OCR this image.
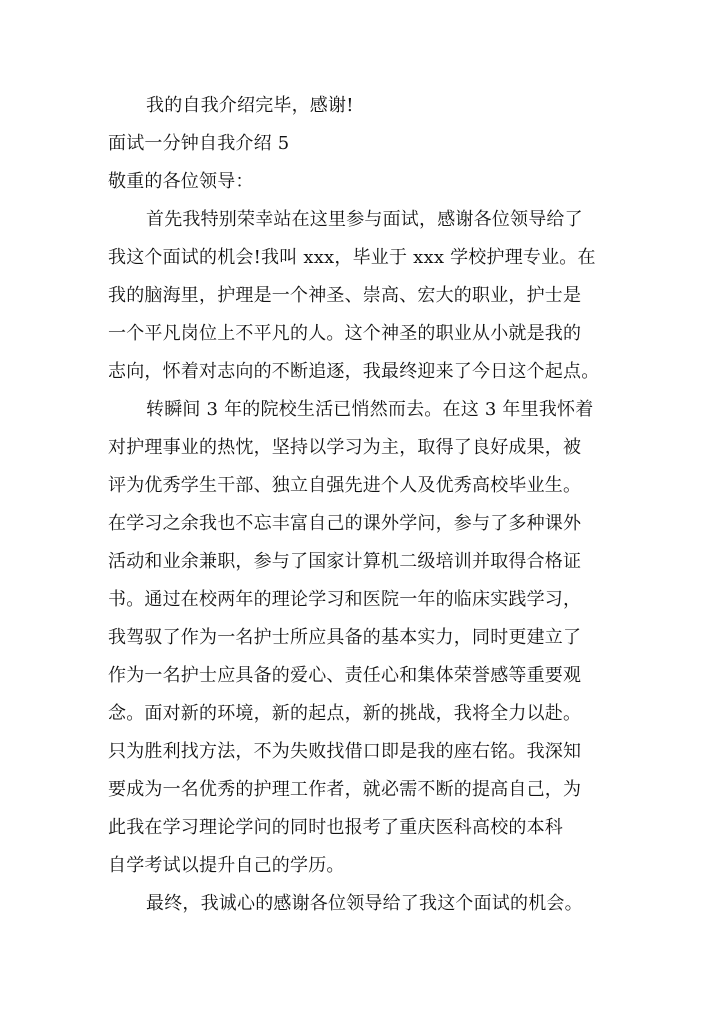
我的自我介绍完毕，感谢!
面试一分钟自我介绍 5
敬重的各位领导：
首先我特别荣幸站在这里参与面试，感谢各位领导给了
我这个面试的机会!我叫 xxx，毕业于 xxx 学校护理专业。在
我的脑海里，护理是一个神圣、崇高、宏大的职业，护士是
一个平凡岗位上不平凡的人。这个神圣的职业从小就是我的
志向，怀着对志向的不断追逐，我最终迎来了今日这个起点。
转瞬间 3 年的院校生活已悄然而去。在这 3 年里我怀着
对护理事业的热忱，坚持以学习为主，取得了良好成果，被
评为优秀学生干部、独立自强先进个人及优秀高校毕业生。
在学习之余我也不忘丰富自己的课外学问，参与了多种课外
活动和业余兼职，参与了国家计算机二级培训并取得合格证
书。通过在校两年的理论学习和医院一年的临床实践学习，
我驾驭了作为一名护士所应具备的基本实力，同时更建立了
作为一名护士应具备的爱心、责任心和集体荣誉感等重要观
念。面对新的环境，新的起点，新的挑战，我将全力以赴。
只为胜利找方法，不为失败找借口即是我的座右铭。我深知
要成为一名优秀的护理工作者，就必需不断的提高自己，为
此我在学习理论学问的同时也报考了重庆医科高校的本科
自学考试以提升自己的学历。
最终，我诚心的感谢各位领导给了我这个面试的机会。
